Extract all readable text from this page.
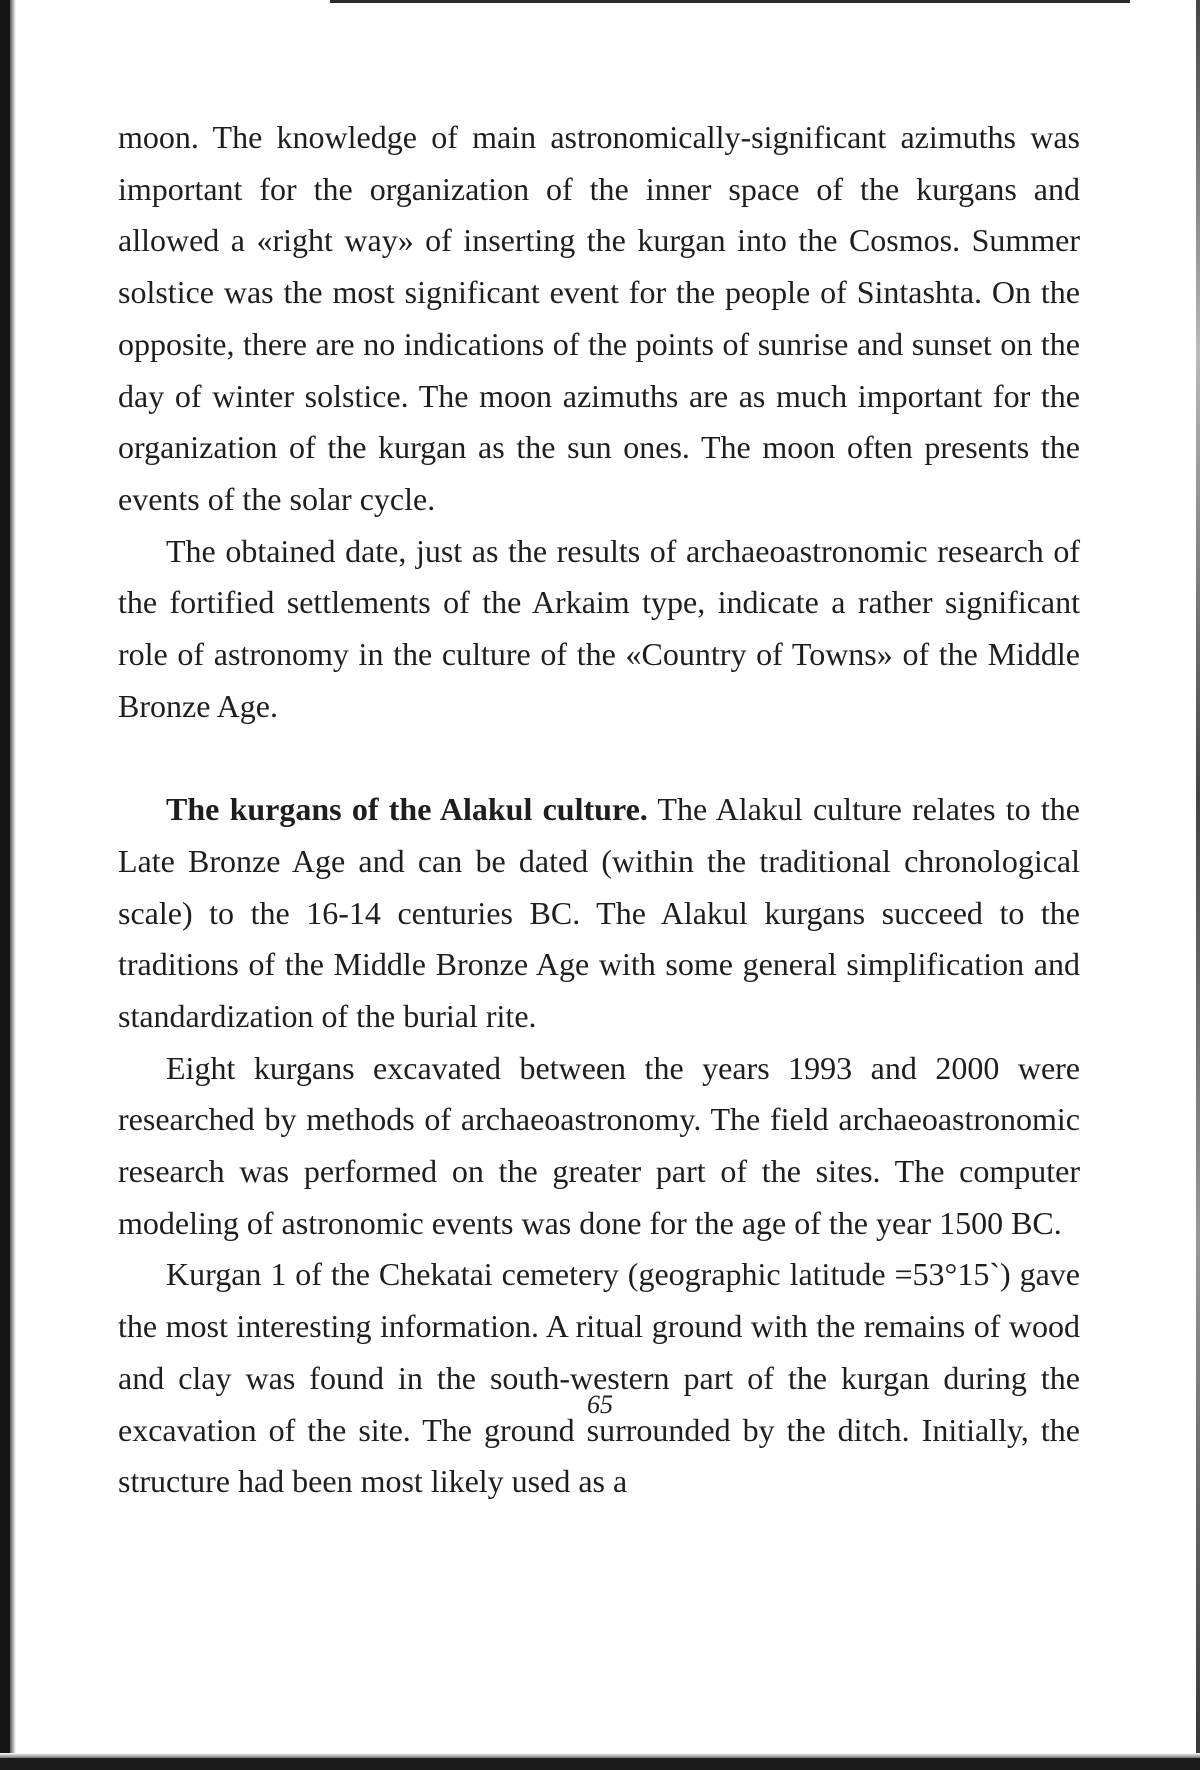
moon. The knowledge of main astronomically-significant azimuths was important for the organization of the inner space of the kurgans and allowed a «right way» of inserting the kurgan into the Cosmos. Summer solstice was the most significant event for the people of Sintashta. On the opposite, there are no indications of the points of sunrise and sunset on the day of winter solstice. The moon azimuths are as much important for the organization of the kurgan as the sun ones. The moon often presents the events of the solar cycle.

The obtained date, just as the results of archaeoastronomic research of the fortified settlements of the Arkaim type, indicate a rather significant role of astronomy in the culture of the «Country of Towns» of the Middle Bronze Age.

The kurgans of the Alakul culture. The Alakul culture relates to the Late Bronze Age and can be dated (within the traditional chronological scale) to the 16-14 centuries BC. The Alakul kurgans succeed to the traditions of the Middle Bronze Age with some general simplification and standardization of the burial rite.

Eight kurgans excavated between the years 1993 and 2000 were researched by methods of archaeoastronomy. The field archaeoastronomic research was performed on the greater part of the sites. The computer modeling of astronomic events was done for the age of the year 1500 BC.

Kurgan 1 of the Chekatai cemetery (geographic latitude =53°15`) gave the most interesting information. A ritual ground with the remains of wood and clay was found in the south-western part of the kurgan during the excavation of the site. The ground surrounded by the ditch. Initially, the structure had been most likely used as a

65
